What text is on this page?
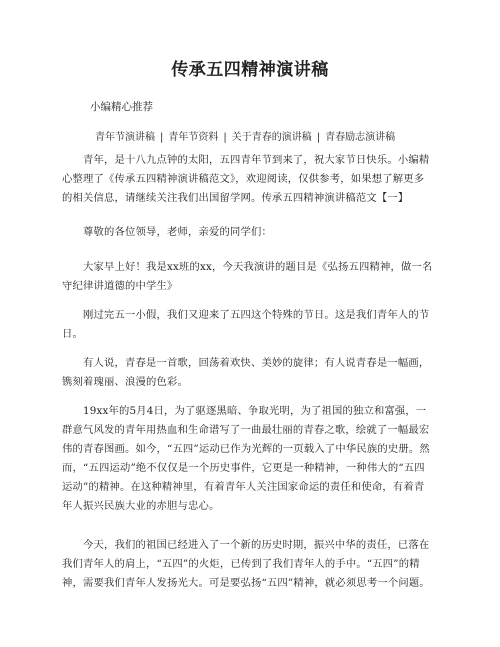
传承五四精神演讲稿
小编精心推荐
青年节演讲稿 | 青年节资料 | 关于青春的演讲稿 | 青春励志演讲稿
青年，是十八九点钟的太阳，五四青年节到来了，祝大家节日快乐。小编精心整理了《传承五四精神演讲稿范文》，欢迎阅读，仅供参考，如果想了解更多的相关信息，请继续关注我们出国留学网。传承五四精神演讲稿范文【一】
尊敬的各位领导，老师，亲爱的同学们：
大家早上好！我是xx班的xx，今天我演讲的题目是《弘扬五四精神，做一名守纪律讲道德的中学生》
刚过完五一小假，我们又迎来了五四这个特殊的节日。这是我们青年人的节日。
有人说，青春是一首歌，回荡着欢快、美妙的旋律；有人说青春是一幅画，镌刻着瑰丽、浪漫的色彩。
19xx年的5月4日，为了驱逐黑暗、争取光明，为了祖国的独立和富强，一群意气风发的青年用热血和生命谱写了一曲最壮丽的青春之歌，绘就了一幅最宏伟的青春图画。如今，“五四”运动已作为光辉的一页载入了中华民族的史册。然而，“五四运动”绝不仅仅是一个历史事件，它更是一种精神，一种伟大的“五四运动”的精神。在这种精神里，有着青年人关注国家命运的责任和使命，有着青年人振兴民族大业的赤胆与忠心。
今天，我们的祖国已经进入了一个新的历史时期，振兴中华的责任，已落在我们青年人的肩上，“五四”的火炬，已传到了我们青年人的手中。“五四”的精神，需要我们青年人发扬光大。可是要弘扬“五四”精神，就必须思考一个问题。
